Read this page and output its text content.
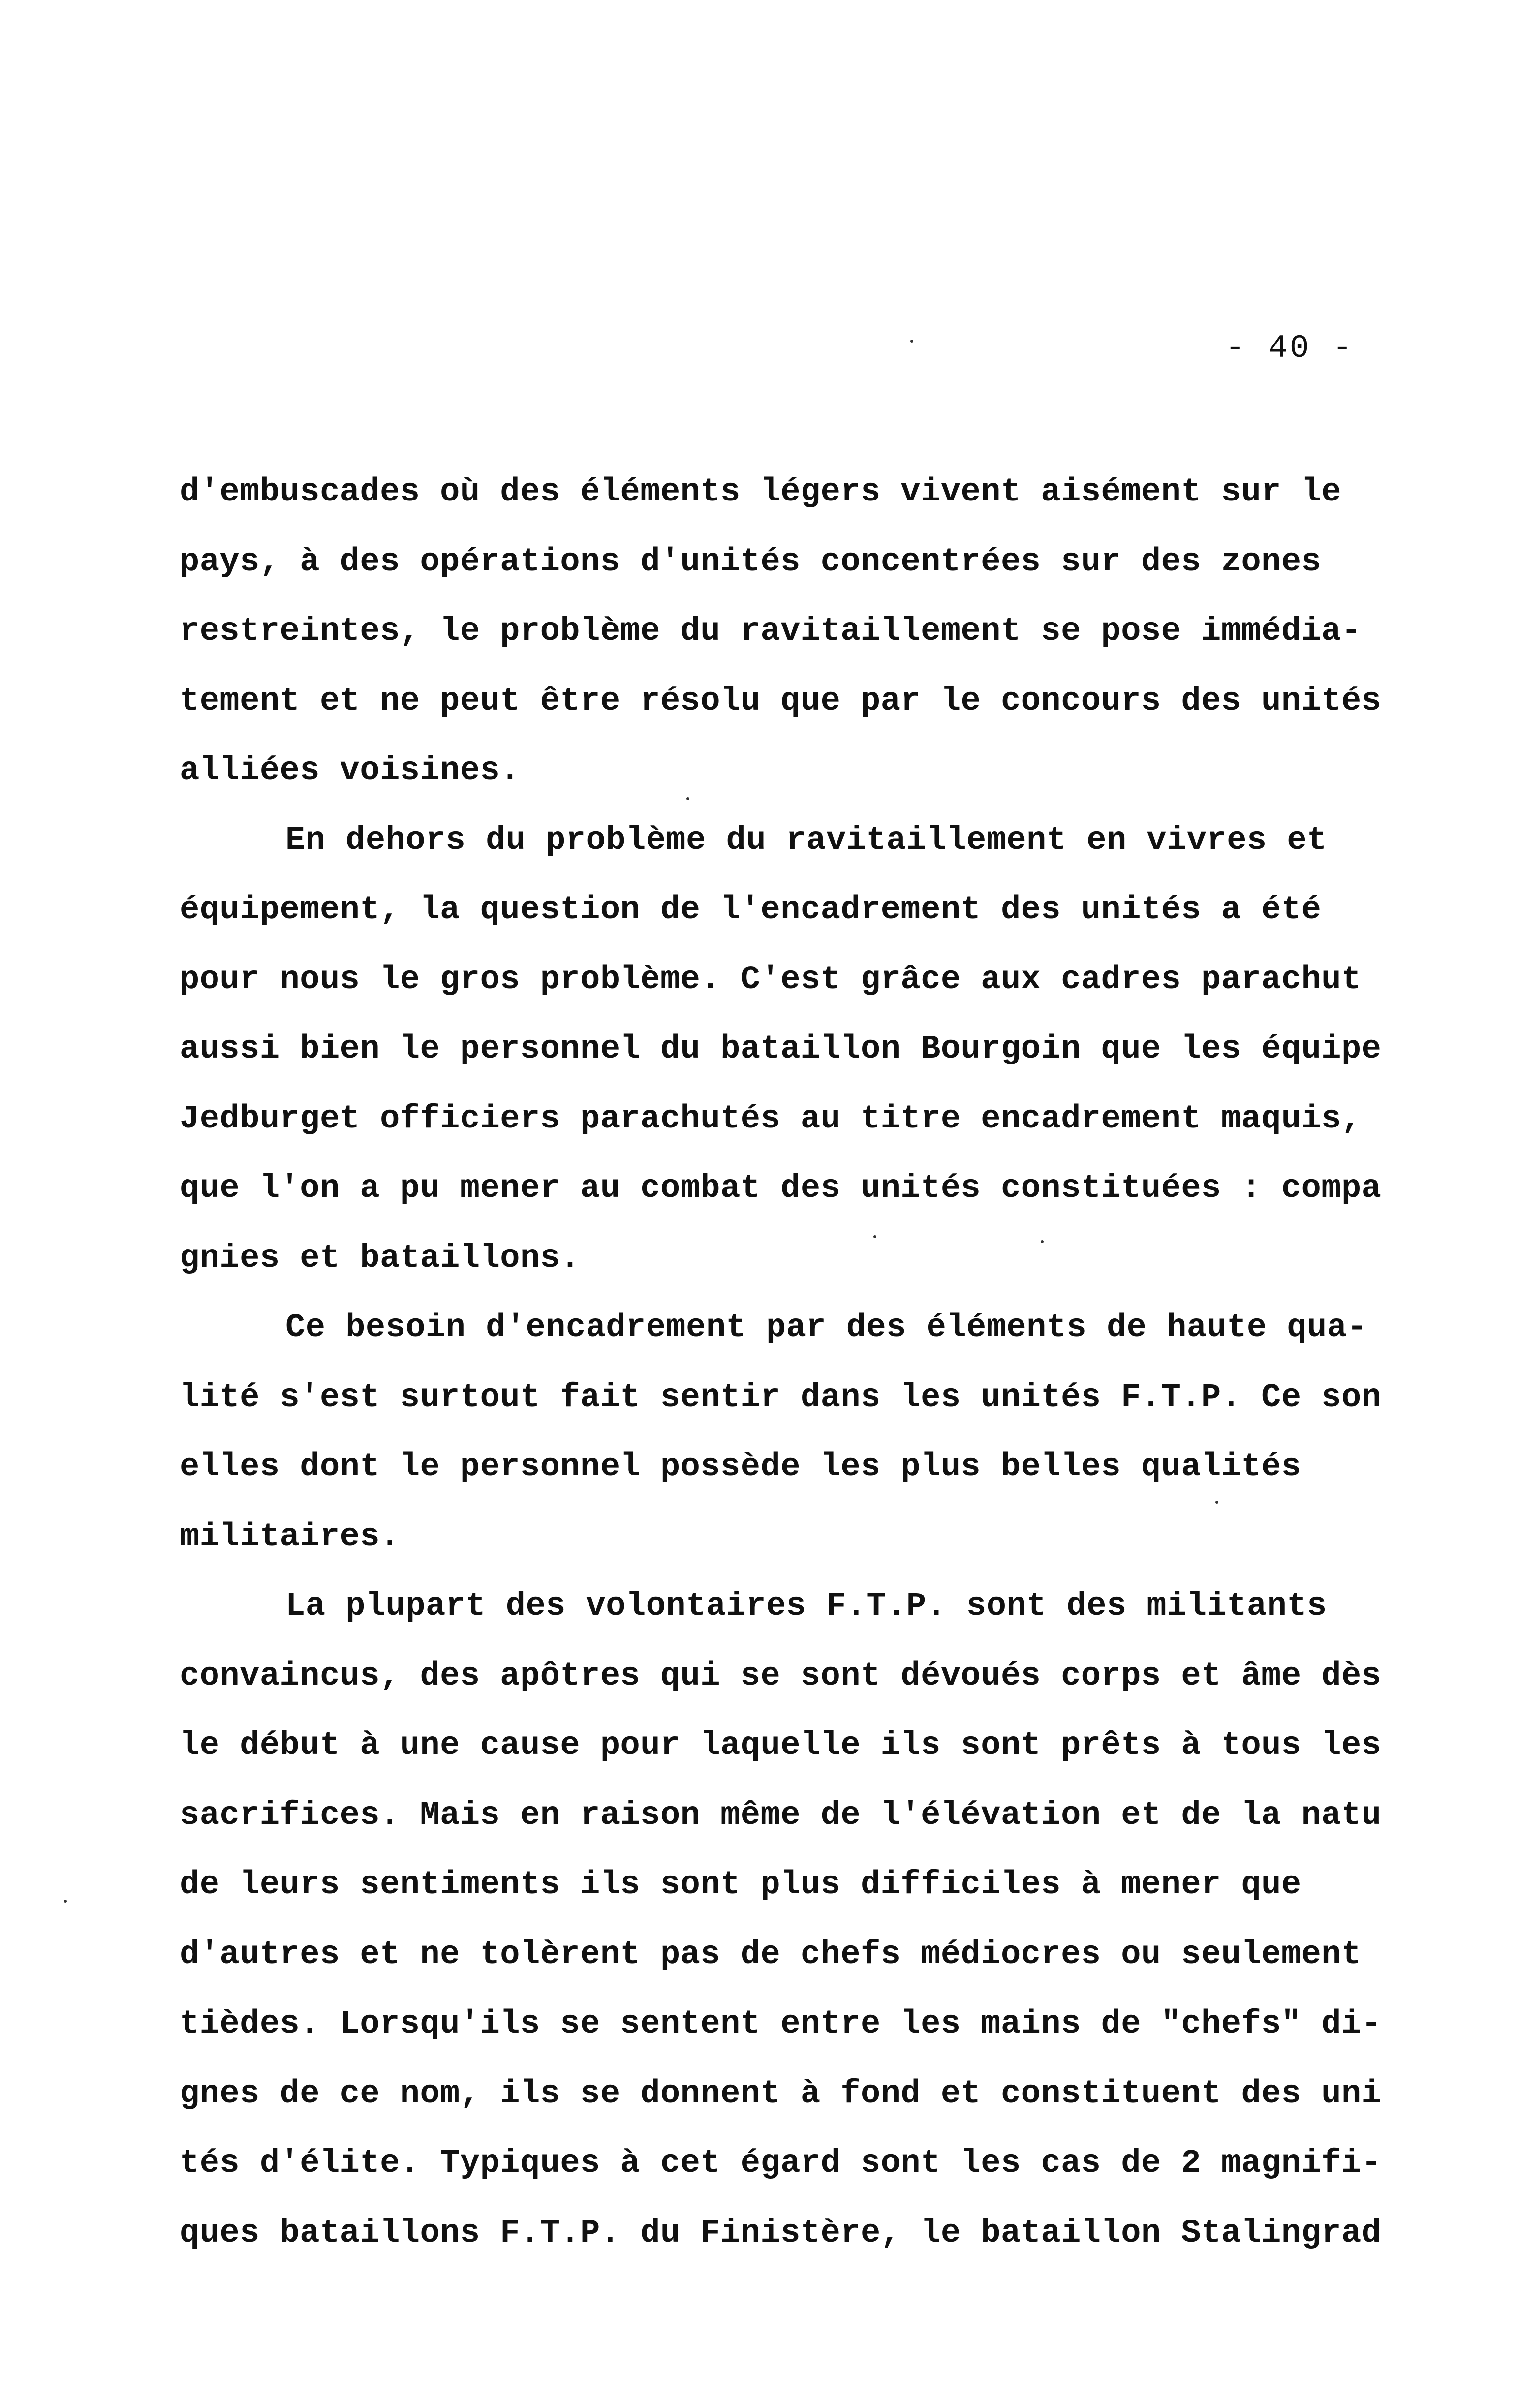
- 40 -
d'embuscades où des éléments légers vivent aisément sur le
pays, à des opérations d'unités concentrées sur des zones
restreintes, le problème du ravitaillement se pose immédia-
tement et ne peut être résolu que par le concours des unités
alliées voisines.
En dehors du problème du ravitaillement en vivres et
équipement, la question de l'encadrement des unités a été
pour nous le gros problème. C'est grâce aux cadres parachut
aussi bien le personnel du bataillon Bourgoin que les équipe
Jedburget officiers parachutés au titre encadrement maquis,
que l'on a pu mener au combat des unités constituées : compa
gnies et bataillons.
Ce besoin d'encadrement par des éléments de haute qua-
lité s'est surtout fait sentir dans les unités F.T.P. Ce son
elles dont le personnel possède les plus belles qualités
militaires.
La plupart des volontaires F.T.P. sont des militants
convaincus, des apôtres qui se sont dévoués corps et âme dès
le début à une cause pour laquelle ils sont prêts à tous les
sacrifices. Mais en raison même de l'élévation et de la natu
de leurs sentiments ils sont plus difficiles à mener que
d'autres et ne tolèrent pas de chefs médiocres ou seulement
tièdes. Lorsqu'ils se sentent entre les mains de "chefs" di-
gnes de ce nom, ils se donnent à fond et constituent des uni
tés d'élite. Typiques à cet égard sont les cas de 2 magnifi-
ques bataillons F.T.P. du Finistère, le bataillon Stalingrad
